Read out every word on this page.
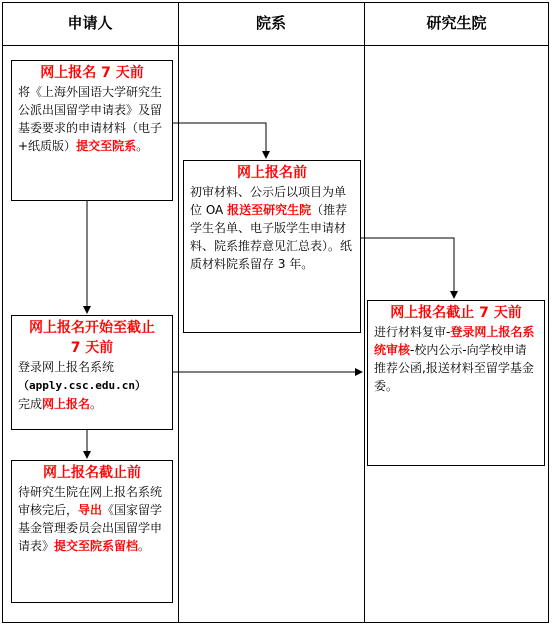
申请人	院系	研究生院
网上报名 7 天前
将《上海外国语大学研究生公派出国留学申请表》及留基委要求的申请材料（电子+纸质版）提交至院系。
网上报名前
初审材料、公示后以项目为单位 OA 报送至研究生院（推荐学生名单、电子版学生申请材料、院系推荐意见汇总表）。纸质材料院系留存 3 年。
网上报名开始至截止
7 天前
登录网上报名系统
（apply.csc.edu.cn）
完成网上报名。
网上报名截止前
待研究生院在网上报名系统审核完后，导出《国家留学基金管理委员会出国留学申请表》提交至院系留档。
网上报名截止 7 天前
进行材料复审-登录网上报名系统审核-校内公示-向学校申请推荐公函,报送材料至留学基金委。
